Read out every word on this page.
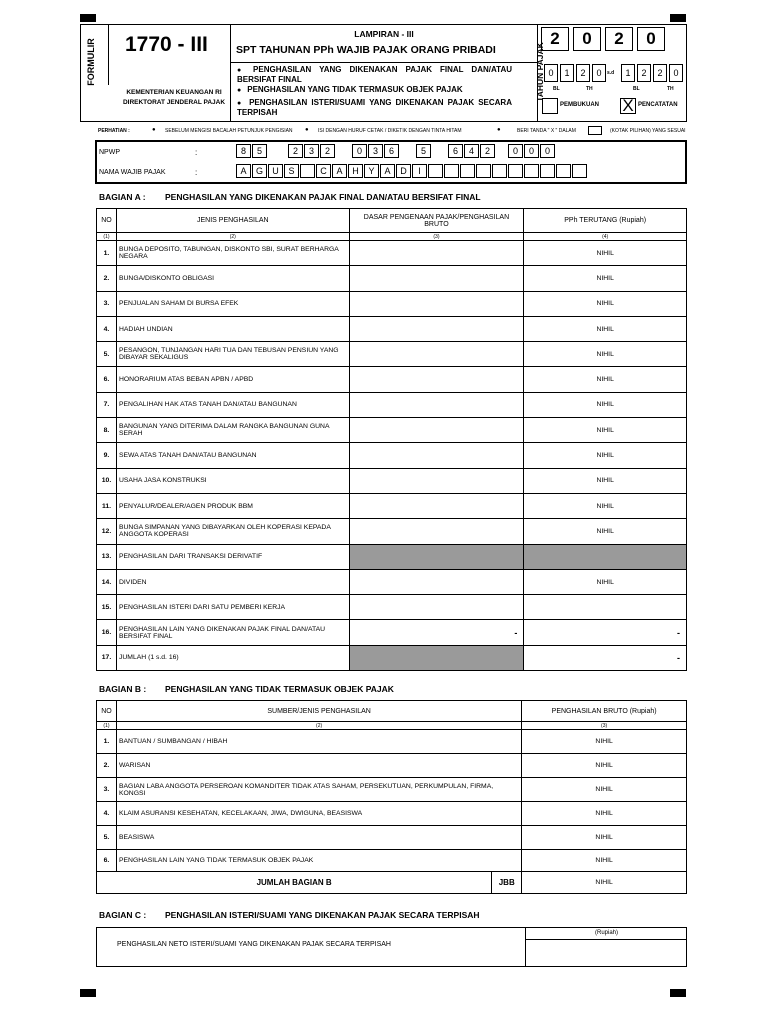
FORMULIR 1770 - III
KEMENTERIAN KEUANGAN RI
DIREKTORAT JENDERAL PAJAK
LAMPIRAN - III
SPT TAHUNAN PPh WAJIB PAJAK ORANG PRIBADI
● PENGHASILAN YANG DIKENAKAN PAJAK FINAL DAN/ATAU BERSIFAT FINAL
● PENGHASILAN YANG TIDAK TERMASUK OBJEK PAJAK
● PENGHASILAN ISTERI/SUAMI YANG DIKENAKAN PAJAK SECARA TERPISAH
TAHUN PAJAK
2	0	2	0
0	1	2	0	1	2	2	0
s.d
BL	TH	BL	TH
PEMBUKUAN X PENCATATAN
PERHATIAN :	● SEBELUM MENGISI BACALAH PETUNJUK PENGISIAN ● ISI DENGAN HURUF CETAK / DIKETIK DENGAN TINTA HITAM	●	BERI TANDA " X " DALAM	(KOTAK PILIHAN) YANG SESUAI
NPWP	:
NAMA WAJIB PAJAK	:
8	5	2	3	2	0	3	6	5	6	4	2	0	0	0
A	G	U	S	C	A	H	Y	A	D	I
BAGIAN A : PENGHASILAN YANG DIKENAKAN PAJAK FINAL DAN/ATAU BERSIFAT FINAL
NO	JENIS PENGHASILAN	DASAR PENGENAAN PAJAK/PENGHASILAN BRUTO	PPh TERUTANG (Rupiah)
(1)	(2)	(3)	(4)
1.	BUNGA DEPOSITO, TABUNGAN, DISKONTO SBI, SURAT BERHARGA NEGARA		NIHIL
2.	BUNGA/DISKONTO OBLIGASI		NIHIL
3.	PENJUALAN SAHAM DI BURSA EFEK		NIHIL
4.	HADIAH UNDIAN		NIHIL
5.	PESANGON, TUNJANGAN HARI TUA DAN TEBUSAN PENSIUN YANG DIBAYAR SEKALIGUS		NIHIL
6.	HONORARIUM ATAS BEBAN APBN / APBD		NIHIL
7.	PENGALIHAN HAK ATAS TANAH DAN/ATAU BANGUNAN		NIHIL
8.	BANGUNAN YANG DITERIMA DALAM RANGKA BANGUNAN GUNA SERAH		NIHIL
9.	SEWA ATAS TANAH DAN/ATAU BANGUNAN		NIHIL
10.	USAHA JASA KONSTRUKSI		NIHIL
11.	PENYALUR/DEALER/AGEN PRODUK BBM		NIHIL
12.	BUNGA SIMPANAN YANG DIBAYARKAN OLEH KOPERASI KEPADA ANGGOTA KOPERASI		NIHIL
13.	PENGHASILAN DARI TRANSAKSI DERIVATIF		
14.	DIVIDEN		NIHIL
15.	PENGHASILAN ISTERI DARI SATU PEMBERI KERJA		
16.	PENGHASILAN LAIN YANG DIKENAKAN PAJAK FINAL DAN/ATAU BERSIFAT FINAL	-	-
17.	JUMLAH (1 s.d. 16)		-
BAGIAN B : PENGHASILAN YANG TIDAK TERMASUK OBJEK PAJAK
NO	SUMBER/JENIS PENGHASILAN		PENGHASILAN BRUTO (Rupiah)
(1)	(2)		(3)
1.	BANTUAN / SUMBANGAN / HIBAH		NIHIL
2.	WARISAN		NIHIL
3.	BAGIAN LABA ANGGOTA PERSEROAN KOMANDITER TIDAK ATAS SAHAM, PERSEKUTUAN, PERKUMPULAN, FIRMA, KONGSI		NIHIL
4.	KLAIM ASURANSI KESEHATAN, KECELAKAAN, JIWA, DWIGUNA, BEASISWA		NIHIL
5.	BEASISWA		NIHIL
6.	PENGHASILAN LAIN YANG TIDAK TERMASUK OBJEK PAJAK		NIHIL
JUMLAH BAGIAN B		JBB	NIHIL
BAGIAN C : PENGHASILAN ISTERI/SUAMI YANG DIKENAKAN PAJAK SECARA TERPISAH
PENGHASILAN NETO ISTERI/SUAMI YANG DIKENAKAN PAJAK SECARA TERPISAH
(Rupiah)
